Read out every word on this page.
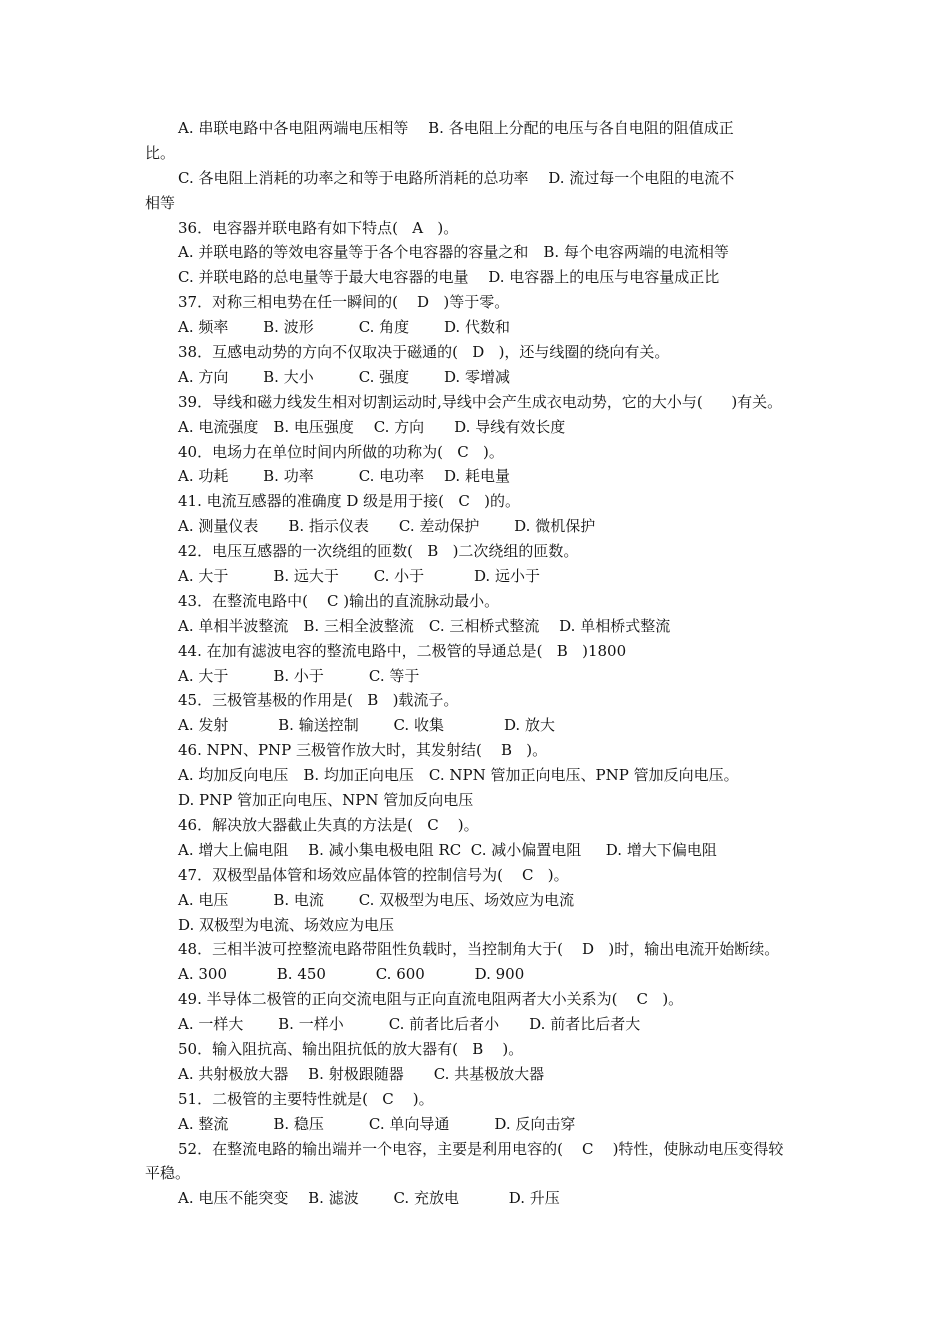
A. 串联电路中各电阻两端电压相等　 B. 各电阻上分配的电压与各自电阻的阻值成正
比。
C. 各电阻上消耗的功率之和等于电路所消耗的总功率　 D. 流过每一个电阻的电流不
相等
36．电容器并联电路有如下特点(   A   )。
A. 并联电路的等效电容量等于各个电容器的容量之和　B. 每个电容两端的电流相等
C. 并联电路的总电量等于最大电容器的电量　 D. 电容器上的电压与电容量成正比
37．对称三相电势在任一瞬间的(    D   )等于零。
A. 频率　　 B. 波形　　　C. 角度　　 D. 代数和
38．互感电动势的方向不仅取决于磁通的(   D   )，还与线圈的绕向有关。
A. 方向　　 B. 大小　　　C. 强度　　 D. 零增减
39．导线和磁力线发生相对切割运动时,导线中会产生成衣电动势，它的大小与(      )有关。
A. 电流强度　B. 电压强度　 C. 方向　　D. 导线有效长度
40．电场力在单位时间内所做的功称为(   C   )。
A. 功耗　　 B. 功率　　　C. 电功率　 D. 耗电量
41. 电流互感器的准确度 D 级是用于接(   C   )的。
A. 测量仪表　　B. 指示仪表　　C. 差动保护　　 D. 微机保护
42．电压互感器的一次绕组的匝数(   B   )二次绕组的匝数。
A. 大于　　　B. 远大于　　 C. 小于　　　 D. 远小于
43．在整流电路中(    C )输出的直流脉动最小。
A. 单相半波整流　B. 三相全波整流　C. 三相桥式整流　 D. 单相桥式整流
44. 在加有滤波电容的整流电路中，二极管的导通总是(   B   )1800
A. 大于　　　B. 小于　　　C. 等于
45．三极管基极的作用是(   B   )载流子。
A. 发射　　　 B. 输送控制　　 C. 收集　　　　D. 放大
46. NPN、PNP 三极管作放大时，其发射结(    B   )。
A. 均加反向电压　B. 均加正向电压　C. NPN 管加正向电压、PNP 管加反向电压。
D. PNP 管加正向电压、NPN 管加反向电压
46．解决放大器截止失真的方法是(   C    )。
A. 增大上偏电阻　 B. 减小集电极电阻 RC  C. 减小偏置电阻　  D. 增大下偏电阻
47．双极型晶体管和场效应晶体管的控制信号为(    C   )。
A. 电压　　　B. 电流　　 C. 双极型为电压、场效应为电流
D. 双极型为电流、场效应为电压
48．三相半波可控整流电路带阻性负载时，当控制角大于(    D   )时，输出电流开始断续。
A. 300　　　 B. 450　　　 C. 600　　　 D. 900
49. 半导体二极管的正向交流电阻与正向直流电阻两者大小关系为(    C   )。
A. 一样大　　 B. 一样小　　　C. 前者比后者小　　D. 前者比后者大
50．输入阻抗高、输出阻抗低的放大器有(   B    )。
A. 共射极放大器　 B. 射极跟随器　　C. 共基极放大器
51．二极管的主要特性就是(   C    )。
A. 整流　　　B. 稳压　　　C. 单向导通　　　D. 反向击穿
52．在整流电路的输出端并一个电容，主要是利用电容的(    C    )特性，使脉动电压变得较
平稳。
A. 电压不能突变　 B. 滤波　　 C. 充放电　　　 D. 升压
